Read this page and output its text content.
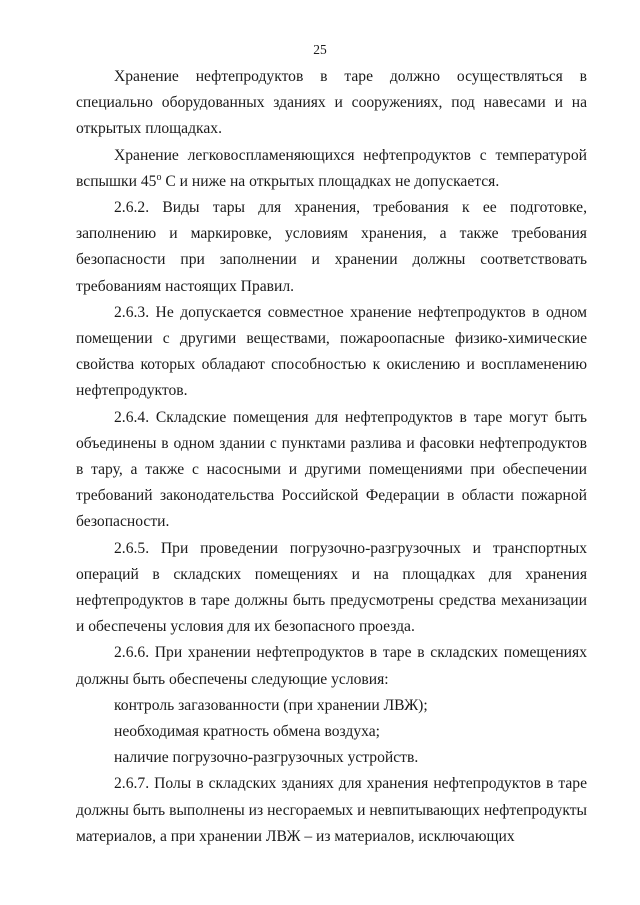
25

Хранение нефтепродуктов в таре должно осуществляться в специально оборудованных зданиях и сооружениях, под навесами и на открытых площадках.

Хранение легковоспламеняющихся нефтепродуктов с температурой вспышки 45$^o$ C и ниже на открытых площадках не допускается.

2.6.2. Виды тары для хранения, требования к ее подготовке, заполнению и маркировке, условиям хранения, а также требования безопасности при заполнении и хранении должны соответствовать требованиям настоящих Правил.

2.6.3. Не допускается совместное хранение нефтепродуктов в одном помещении с другими веществами, пожароопасные физико-химические свойства которых обладают способностью к окислению и воспламенению нефтепродуктов.

2.6.4. Складские помещения для нефтепродуктов в таре могут быть объединены в одном здании с пунктами разлива и фасовки нефтепродуктов в тару, а также с насосными и другими помещениями при обеспечении требований законодательства Российской Федерации в области пожарной безопасности.

2.6.5. При проведении погрузочно-разгрузочных и транспортных операций в складских помещениях и на площадках для хранения нефтепродуктов в таре должны быть предусмотрены средства механизации и обеспечены условия для их безопасного проезда.

2.6.6. При хранении нефтепродуктов в таре в складских помещениях должны быть обеспечены следующие условия:

контроль загазованности (при хранении ЛВЖ);

необходимая кратность обмена воздуха;

наличие погрузочно-разгрузочных устройств.

2.6.7. Полы в складских зданиях для хранения нефтепродуктов в таре должны быть выполнены из несгораемых и невпитывающих нефтепродукты материалов, а при хранении ЛВЖ – из материалов, исключающих
